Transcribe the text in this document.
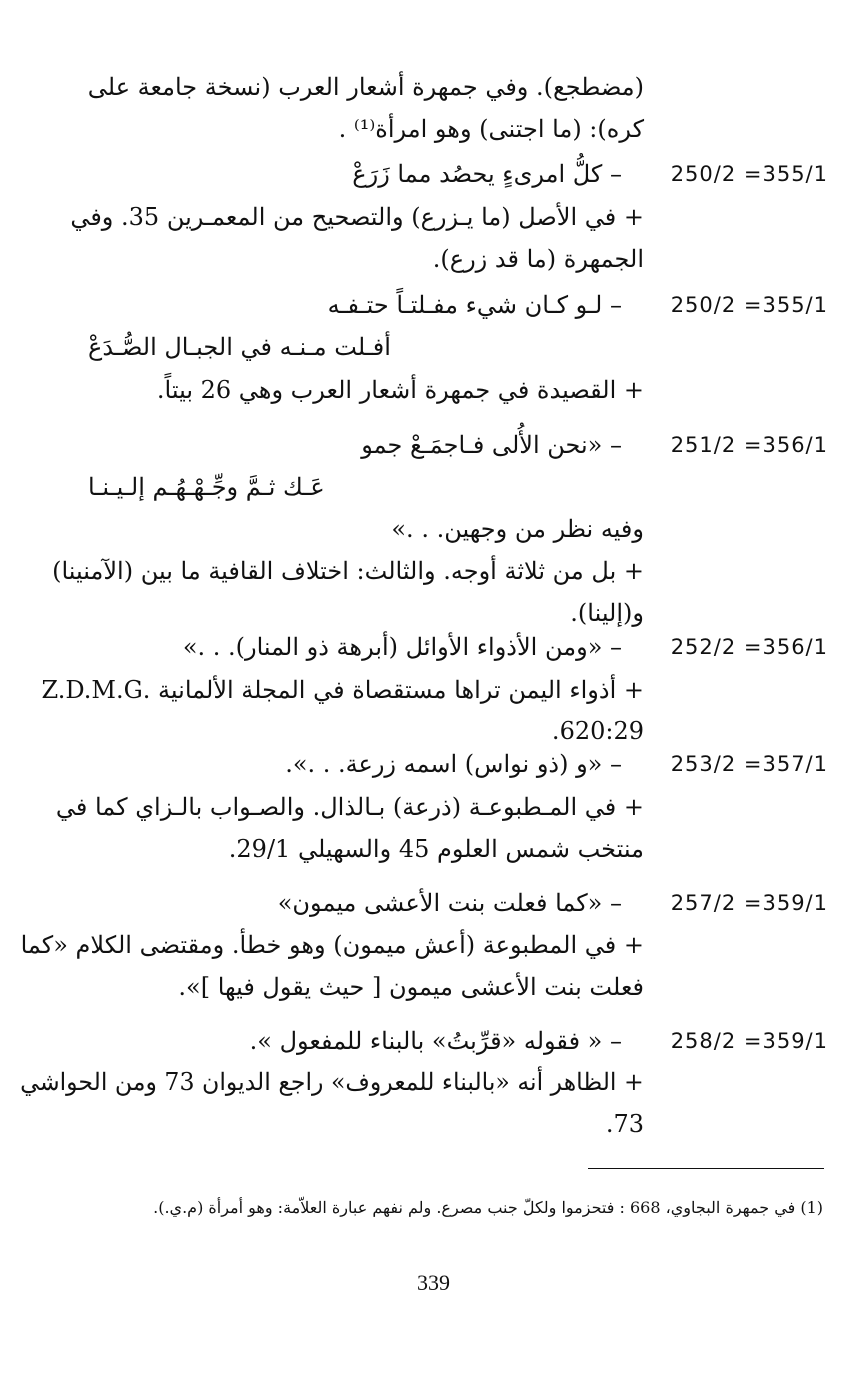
(مضطجع). وفي جمهرة أشعار العرب (نسخة جامعة على
كره): (ما اجتنى) وهو امرأة⁽¹⁾ .
250/2 =355/1
– كلُّ امرىءٍ يحصُد مما زَرَعْ
+ في الأصل (ما يـزرع) والتصحيح من المعمـرين 35. وفي
الجمهرة (ما قد زرع).
250/2 =355/1
– لـو كـان شيء مفـلتـاً حتـفـه
أفـلت مـنـه في الجبـال الصُّـدَعْ
+ القصيدة في جمهرة أشعار العرب وهي 26 بيتاً.
251/2 =356/1
– «نحن الأُلى فـاجمَـعْ جمو
عَـك ثـمَّ وجِّـهْـهُـم إلـيـنـا
وفيه نظر من وجهين. . .»
+ بل من ثلاثة أوجه. والثالث: اختلاف القافية ما بين (الآمنينا)
و(إلينا).
252/2 =356/1
– «ومن الأذواء الأوائل (أبرهة ذو المنار). . .»
+ أذواء اليمن تراها مستقصاة في المجلة الألمانية .Z.D.M.G
620:29.
253/2 =357/1
– «و (ذو نواس) اسمه زرعة. . .».
+ في المـطبوعـة (ذرعة) بـالذال. والصـواب بالـزاي كما في
منتخب شمس العلوم 45 والسهيلي 29/1.
257/2 =359/1
– «كما فعلت بنت الأعشى ميمون»
+ في المطبوعة (أعش ميمون) وهو خطأ. ومقتضى الكلام «كما
فعلت بنت الأعشى ميمون [ حيث يقول فيها ]».
258/2 =359/1
– « فقوله «قرِّبتُ» بالبناء للمفعول ».
+ الظاهر أنه «بالبناء للمعروف» راجع الديوان 73 ومن الحواشي
73.
(1) في جمهرة البجاوي، 668 : فتحزموا ولكلّ جنب مصرع. ولم نفهم عبارة العلاّمة: وهو أمرأة (م.ي.).
339
